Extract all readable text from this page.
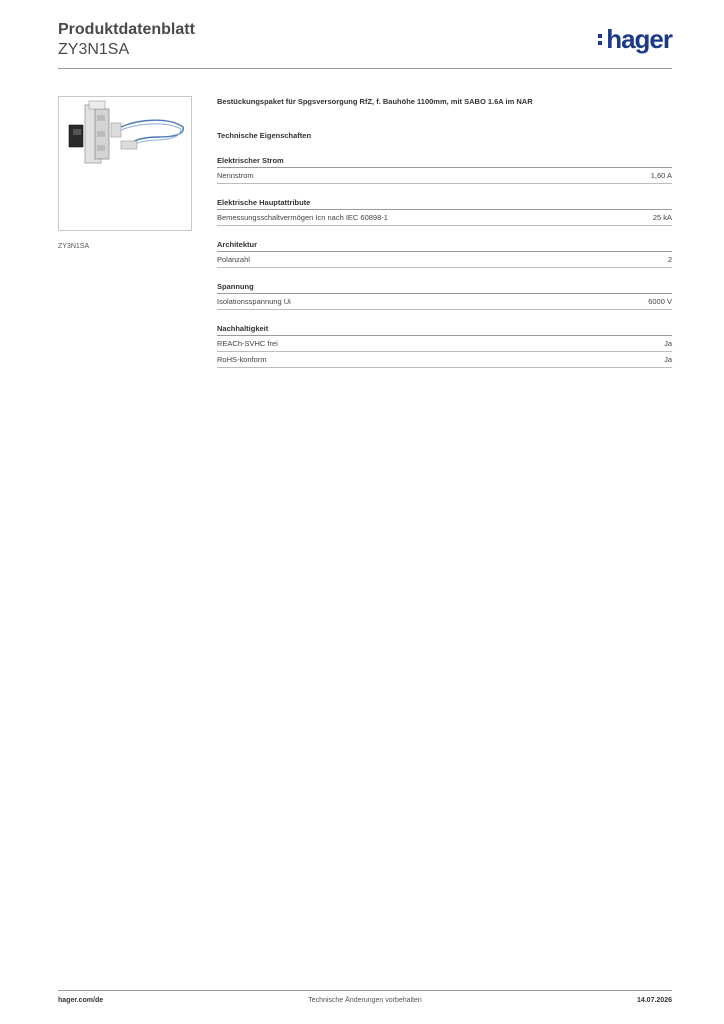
Produktdatenblatt
ZY3N1SA	hager
ZY3N1SA
Bestückungspaket für Spgsversorgung RfZ, f. Bauhöhe 1100mm, mit SABO 1.6A im NAR
Technische Eigenschaften
Elektrischer Strom
Nennstrom	1,60 A
Elektrische Hauptattribute
Bemessungsschaltvermögen Icn nach IEC 60898-1	25 kA
Architektur
Polanzahl	2
Spannung
Isolationsspannung Ui	6000 V
Nachhaltigkeit
REACh-SVHC frei	Ja
RoHS-konform	Ja
hager.com/de	Technische Änderungen vorbehalten	14.07.2026
